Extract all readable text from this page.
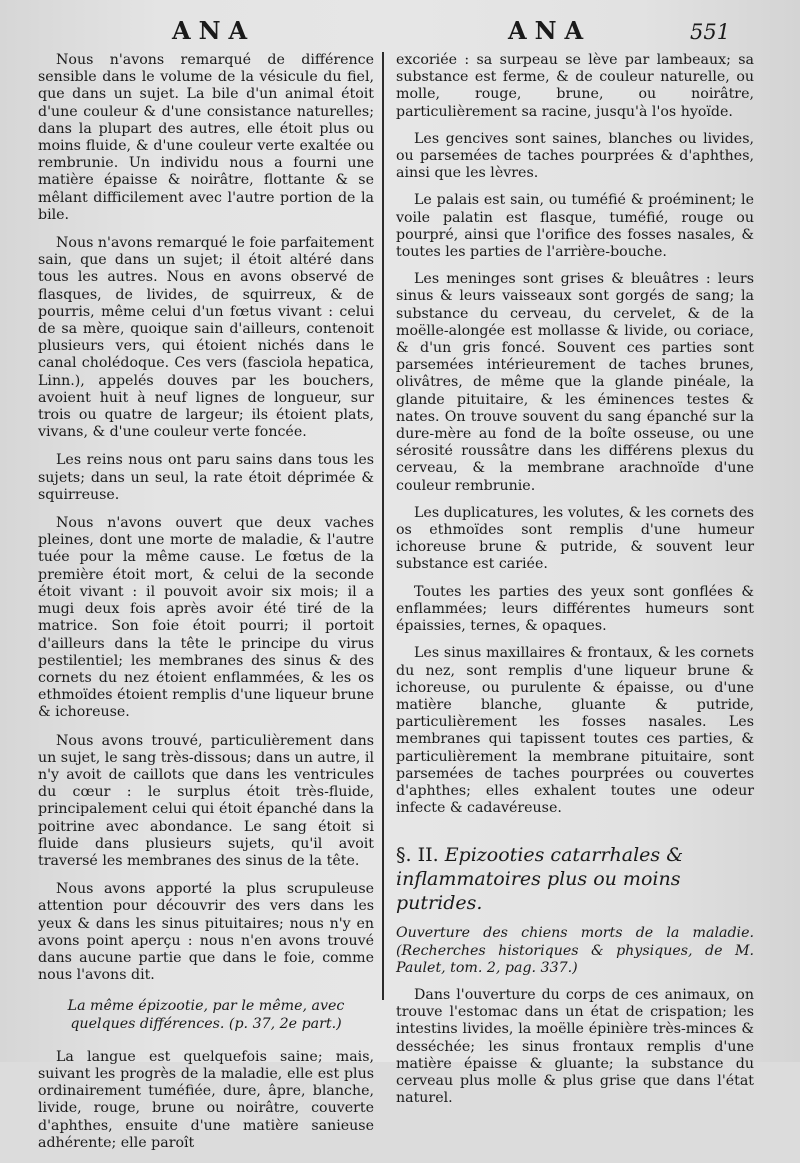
ANA	ANA	551

Nous n'avons remarqué de différence sensible dans le volume de la vésicule du fiel, que dans un sujet. La bile d'un animal étoit d'une couleur & d'une consistance naturelles; dans la plupart des autres, elle étoit plus ou moins fluide, & d'une couleur verte exaltée ou rembrunie. Un individu nous a fourni une matière épaisse & noirâtre, flottante & se mêlant difficilement avec l'autre portion de la bile.

Nous n'avons remarqué le foie parfaitement sain, que dans un sujet; il étoit altéré dans tous les autres. Nous en avons observé de flasques, de livides, de squirreux, & de pourris, même celui d'un fœtus vivant : celui de sa mère, quoique sain d'ailleurs, contenoit plusieurs vers, qui étoient nichés dans le canal cholédoque. Ces vers (fasciola hepatica, Linn.), appelés douves par les bouchers, avoient huit à neuf lignes de longueur, sur trois ou quatre de largeur; ils étoient plats, vivans, & d'une couleur verte foncée.

Les reins nous ont paru sains dans tous les sujets; dans un seul, la rate étoit déprimée & squirreuse.

Nous n'avons ouvert que deux vaches pleines, dont une morte de maladie, & l'autre tuée pour la même cause. Le fœtus de la première étoit mort, & celui de la seconde étoit vivant : il pouvoit avoir six mois; il a mugi deux fois après avoir été tiré de la matrice. Son foie étoit pourri; il portoit d'ailleurs dans la tête le principe du virus pestilentiel; les membranes des sinus & des cornets du nez étoient enflammées, & les os ethmoïdes étoient remplis d'une liqueur brune & ichoreuse.

Nous avons trouvé, particulièrement dans un sujet, le sang très-dissous; dans un autre, il n'y avoit de caillots que dans les ventricules du cœur : le surplus étoit très-fluide, principalement celui qui étoit épanché dans la poitrine avec abondance. Le sang étoit si fluide dans plusieurs sujets, qu'il avoit traversé les membranes des sinus de la tête.

Nous avons apporté la plus scrupuleuse attention pour découvrir des vers dans les yeux & dans les sinus pituitaires; nous n'y en avons point aperçu : nous n'en avons trouvé dans aucune partie que dans le foie, comme nous l'avons dit.

La même épizootie, par le même, avec quelques différences. (p. 37, 2e part.)

La langue est quelquefois saine; mais, suivant les progrès de la maladie, elle est plus ordinairement tuméfiée, dure, âpre, blanche, livide, rouge, brune ou noirâtre, couverte d'aphthes, ensuite d'une matière sanieuse adhérente; elle paroît

excoriée : sa surpeau se lève par lambeaux; sa substance est ferme, & de couleur naturelle, ou molle, rouge, brune, ou noirâtre, particulièrement sa racine, jusqu'à l'os hyoïde.

Les gencives sont saines, blanches ou livides, ou parsemées de taches pourprées & d'aphthes, ainsi que les lèvres.

Le palais est sain, ou tuméfié & proéminent; le voile palatin est flasque, tuméfié, rouge ou pourpré, ainsi que l'orifice des fosses nasales, & toutes les parties de l'arrière-bouche.

Les meninges sont grises & bleuâtres : leurs sinus & leurs vaisseaux sont gorgés de sang; la substance du cerveau, du cervelet, & de la moëlle-alongée est mollasse & livide, ou coriace, & d'un gris foncé. Souvent ces parties sont parsemées intérieurement de taches brunes, olivâtres, de même que la glande pinéale, la glande pituitaire, & les éminences testes & nates. On trouve souvent du sang épanché sur la dure-mère au fond de la boîte osseuse, ou une sérosité roussâtre dans les différens plexus du cerveau, & la membrane arachnoïde d'une couleur rembrunie.

Les duplicatures, les volutes, & les cornets des os ethmoïdes sont remplis d'une humeur ichoreuse brune & putride, & souvent leur substance est cariée.

Toutes les parties des yeux sont gonflées & enflammées; leurs différentes humeurs sont épaissies, ternes, & opaques.

Les sinus maxillaires & frontaux, & les cornets du nez, sont remplis d'une liqueur brune & ichoreuse, ou purulente & épaisse, ou d'une matière blanche, gluante & putride, particulièrement les fosses nasales. Les membranes qui tapissent toutes ces parties, & particulièrement la membrane pituitaire, sont parsemées de taches pourprées ou couvertes d'aphthes; elles exhalent toutes une odeur infecte & cadavéreuse.

§. II. Epizooties catarrhales & inflammatoires plus ou moins putrides.

Ouverture des chiens morts de la maladie. (Recherches historiques & physiques, de M. Paulet, tom. 2, pag. 337.)

Dans l'ouverture du corps de ces animaux, on trouve l'estomac dans un état de crispation; les intestins livides, la moëlle épinière très-minces & desséchée; les sinus frontaux remplis d'une matière épaisse & gluante; la substance du cerveau plus molle & plus grise que dans l'état naturel.
